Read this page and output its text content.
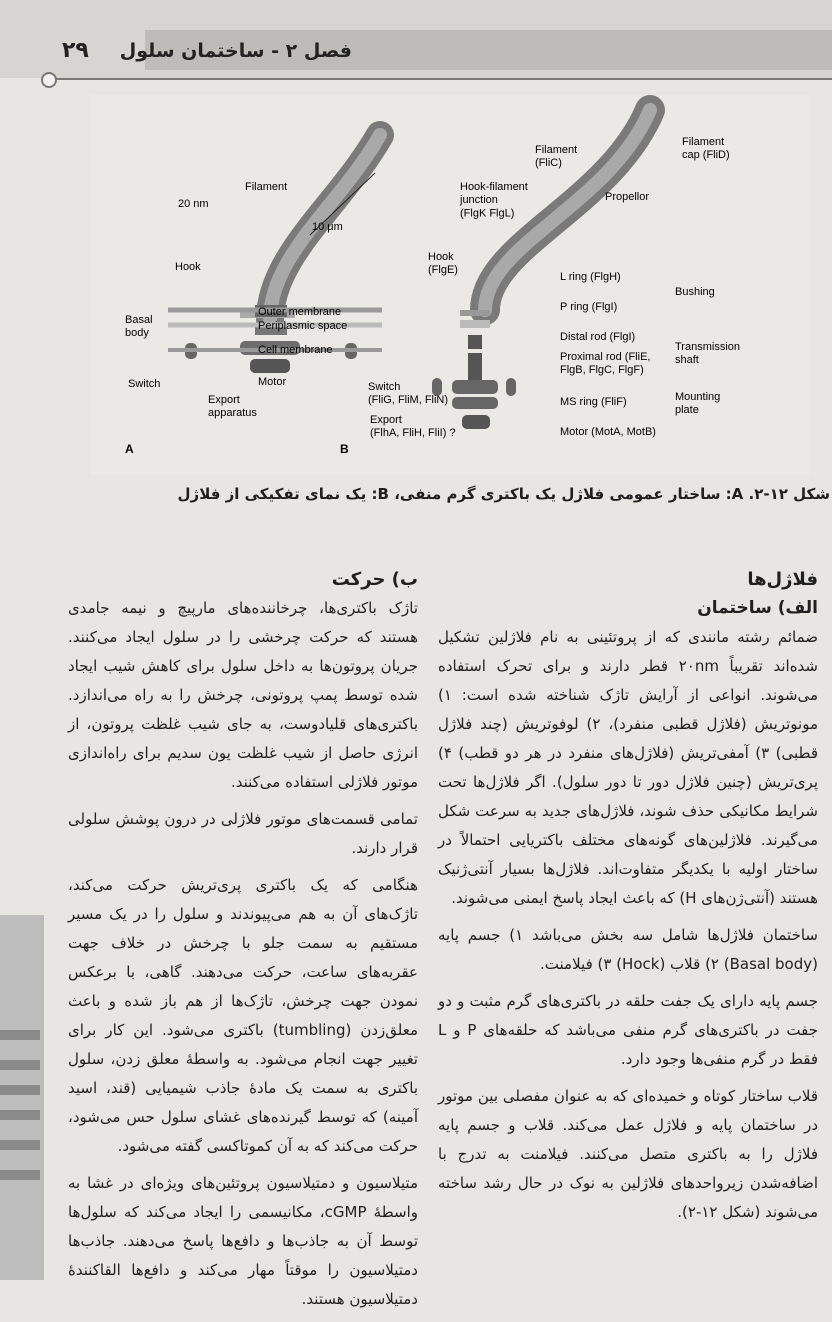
فصل ۲ - ساختمان سلول
۲۹
Filament
20 nm
10 μm
Hook
Basal body
Outer membrane
Periplasmic space
Cell membrane
Switch	Motor
Export apparatus
A
Filament (FliC)
Filament cap (FliD)
Hook-filament junction (FlgK FlgL)
Propellor
Hook (FlgE)
L ring (FlgH)
P ring (FlgI)
Bushing
Distal rod (FlgI)
Proximal rod (FliE, FlgB, FlgC, FlgF)
Transmission shaft
Switch (FliG, FliM, FliN)	MS ring (FliF)	Mounting plate
Export (FlhA, FliH, FliI) ?	Motor (MotA, MotB)
B
شکل ۱۲-۲. A: ساختار عمومی فلاژل یک باکتری گرم منفی، B: یک نمای تفکیکی از فلاژل
فلاژل‌ها
الف) ساختمان

ضمائم رشته مانندی که از پروتئینی به نام فلاژلین تشکیل شده‌اند تقریباً ۲۰nm قطر دارند و برای تحرک استفاده می‌شوند. انواعی از آرایش تاژک شناخته شده است: ۱) مونوتریش (فلاژل قطبی منفرد)، ۲) لوفوتریش (چند فلاژل قطبی) ۳) آمفی‌تریش (فلاژل‌های منفرد در هر دو قطب) ۴) پری‌تریش (چنین فلاژل دور تا دور سلول). اگر فلاژل‌ها تحت شرایط مکانیکی حذف شوند، فلاژل‌های جدید به سرعت شکل می‌گیرند. فلاژلین‌های گونه‌های مختلف باکتریایی احتمالاً در ساختار اولیه با یکدیگر متفاوت‌اند. فلاژل‌ها بسیار آنتی‌ژنیک هستند (آنتی‌ژن‌های H) که باعث ایجاد پاسخ ایمنی می‌شوند.

ساختمان فلاژل‌ها شامل سه بخش می‌باشد ۱) جسم پایه (Basal body) ۲) قلاب (Hock) ۳) فیلامنت.

جسم پایه دارای یک جفت حلقه در باکتری‌های گرم مثبت و دو جفت در باکتری‌های گرم منفی می‌باشد که حلقه‌های P و L فقط در گرم منفی‌ها وجود دارد.

قلاب ساختار کوتاه و خمیده‌ای که به عنوان مفصلی بین موتور در ساختمان پایه و فلاژل عمل می‌کند. قلاب و جسم پایه فلاژل را به باکتری متصل می‌کنند. فیلامنت به تدرج با اضافه‌شدن زیرواحدهای فلاژلین به نوک در حال رشد ساخته می‌شوند (شکل ۱۲-۲).

ب) حرکت

تاژک باکتری‌ها، چرخاننده‌های مارپیچ و نیمه جامدی هستند که حرکت چرخشی را در سلول ایجاد می‌کنند. جریان پروتون‌ها به داخل سلول برای کاهش شیب ایجاد شده توسط پمپ پروتونی، چرخش را به راه می‌اندازد. باکتری‌های قلیادوست، به جای شیب غلظت پروتون، از انرژی حاصل از شیب غلظت یون سدیم برای راه‌اندازی موتور فلاژلی استفاده می‌کنند.

تمامی قسمت‌های موتور فلاژلی در درون پوشش سلولی قرار دارند.

هنگامی که یک باکتری پری‌تریش حرکت می‌کند، تاژک‌های آن به هم می‌پیوندند و سلول را در یک مسیر مستقیم به سمت جلو با چرخش در خلاف جهت عقربه‌های ساعت، حرکت می‌دهند. گاهی، با برعکس نمودن جهت چرخش، تاژک‌ها از هم باز شده و باعث معلق‌زدن (tumbling) باکتری می‌شود. این کار برای تغییر جهت انجام می‌شود. به واسطهٔ معلق زدن، سلول باکتری به سمت یک مادهٔ جاذب شیمیایی (قند، اسید آمینه) که توسط گیرنده‌های غشای سلول حس می‌شود، حرکت می‌کند که به آن کموتاکسی گفته می‌شود.

متیلاسیون و دمتیلاسیون پروتئین‌های ویژه‌ای در غشا به واسطهٔ cGMP، مکانیسمی را ایجاد می‌کند که سلول‌ها توسط آن به جاذب‌ها و دافع‌ها پاسخ می‌دهند. جاذب‌ها دمتیلاسیون را موقتاً مهار می‌کند و دافع‌ها القاکنندهٔ دمتیلاسیون هستند.
